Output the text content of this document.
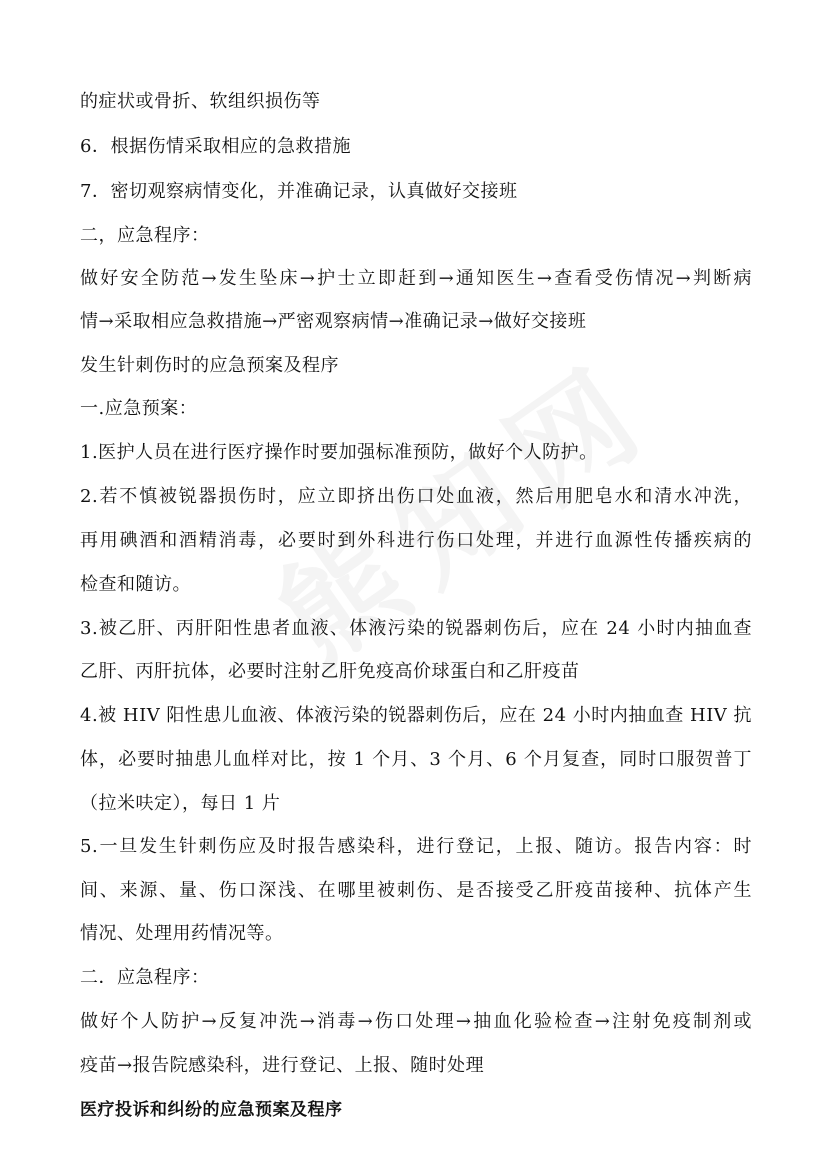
的症状或骨折、软组织损伤等
6．根据伤情采取相应的急救措施
7．密切观察病情变化，并准确记录，认真做好交接班
二，应急程序：
做好安全防范→发生坠床→护士立即赶到→通知医生→查看受伤情况→判断病
情→采取相应急救措施→严密观察病情→准确记录→做好交接班
发生针刺伤时的应急预案及程序
一.应急预案：
1.医护人员在进行医疗操作时要加强标准预防，做好个人防护。
2.若不慎被锐器损伤时，应立即挤出伤口处血液，然后用肥皂水和清水冲洗，
再用碘酒和酒精消毒，必要时到外科进行伤口处理，并进行血源性传播疾病的
检查和随访。
3.被乙肝、丙肝阳性患者血液、体液污染的锐器刺伤后，应在 24 小时内抽血查
乙肝、丙肝抗体，必要时注射乙肝免疫高价球蛋白和乙肝疫苗
4.被 HIV 阳性患儿血液、体液污染的锐器刺伤后，应在 24 小时内抽血查 HIV 抗
体，必要时抽患儿血样对比，按 1 个月、3 个月、6 个月复查，同时口服贺普丁
（拉米呋定），每日 1 片
5.一旦发生针刺伤应及时报告感染科，进行登记，上报、随访。报告内容：时
间、来源、量、伤口深浅、在哪里被刺伤、是否接受乙肝疫苗接种、抗体产生
情况、处理用药情况等。
二．应急程序：
做好个人防护→反复冲洗→消毒→伤口处理→抽血化验检查→注射免疫制剂或
疫苗→报告院感染科，进行登记、上报、随时处理
医疗投诉和纠纷的应急预案及程序
